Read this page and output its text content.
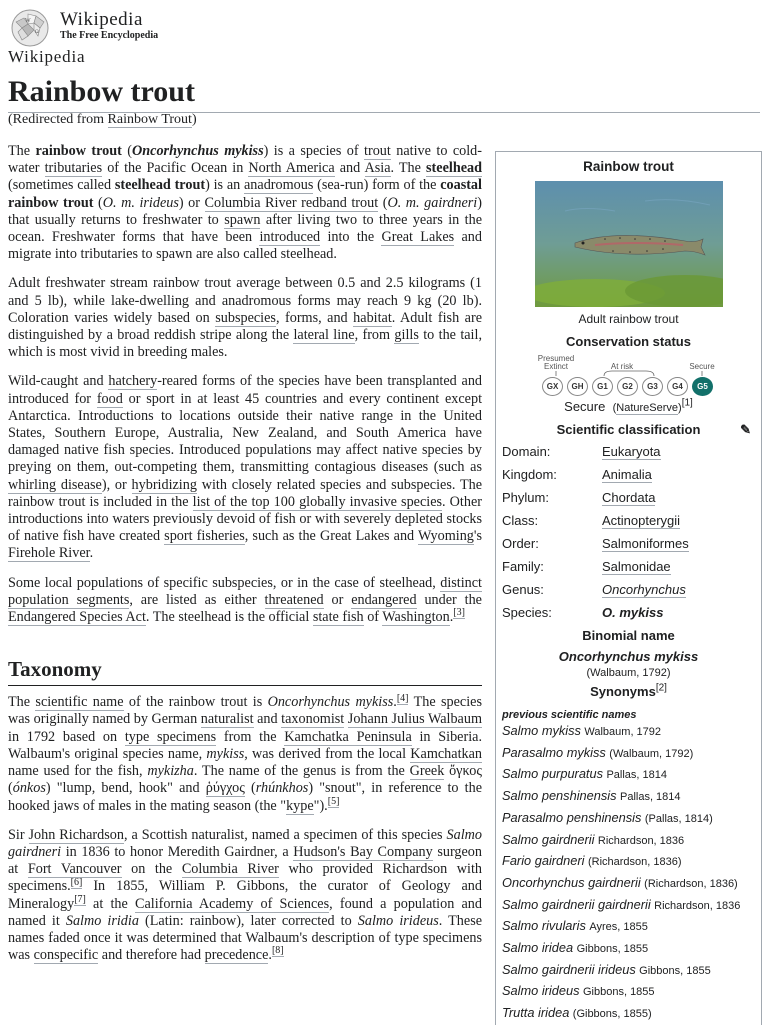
W
Ω
Wikipedia
The Free Encyclopedia
Wikipedia
Rainbow trout
(Redirected from Rainbow Trout)

The rainbow trout (Oncorhynchus mykiss) is a species of trout native to cold-water tributaries of the Pacific Ocean in North America and Asia. The steelhead (sometimes called steelhead trout) is an anadromous (sea-run) form of the coastal rainbow trout (O. m. irideus) or Columbia River redband trout (O. m. gairdneri) that usually returns to freshwater to spawn after living two to three years in the ocean. Freshwater forms that have been introduced into the Great Lakes and migrate into tributaries to spawn are also called steelhead.

Adult freshwater stream rainbow trout average between 0.5 and 2.5 kilograms (1 and 5 lb), while lake-dwelling and anadromous forms may reach 9 kg (20 lb). Coloration varies widely based on subspecies, forms, and habitat. Adult fish are distinguished by a broad reddish stripe along the lateral line, from gills to the tail, which is most vivid in breeding males.

Wild-caught and hatchery-reared forms of the species have been transplanted and introduced for food or sport in at least 45 countries and every continent except Antarctica. Introductions to locations outside their native range in the United States, Southern Europe, Australia, New Zealand, and South America have damaged native fish species. Introduced populations may affect native species by preying on them, out-competing them, transmitting contagious diseases (such as whirling disease), or hybridizing with closely related species and subspecies. The rainbow trout is included in the list of the top 100 globally invasive species. Other introductions into waters previously devoid of fish or with severely depleted stocks of native fish have created sport fisheries, such as the Great Lakes and Wyoming's Firehole River.

Some local populations of specific subspecies, or in the case of steelhead, distinct population segments, are listed as either threatened or endangered under the Endangered Species Act. The steelhead is the official state fish of Washington.[3]

Taxonomy

The scientific name of the rainbow trout is Oncorhynchus mykiss.[4] The species was originally named by German naturalist and taxonomist Johann Julius Walbaum in 1792 based on type specimens from the Kamchatka Peninsula in Siberia. Walbaum's original species name, mykiss, was derived from the local Kamchatkan name used for the fish, mykizha. The name of the genus is from the Greek ὄγκος (ónkos) "lump, bend, hook" and ῥύγχος (rhúnkhos) "snout", in reference to the hooked jaws of males in the mating season (the "kype").[5]

Sir John Richardson, a Scottish naturalist, named a specimen of this species Salmo gairdneri in 1836 to honor Meredith Gairdner, a Hudson's Bay Company surgeon at Fort Vancouver on the Columbia River who provided Richardson with specimens.[6] In 1855, William P. Gibbons, the curator of Geology and Mineralogy[7] at the California Academy of Sciences, found a population and named it Salmo iridia (Latin: rainbow), later corrected to Salmo irideus. These names faded once it was determined that Walbaum's description of type specimens was conspecific and therefore had precedence.[8]

Rainbow trout
Adult rainbow trout
Conservation status
Presumed
Extinct	At risk	Secure
GX	GH	G1	G2	G3	G4	G5
Secure (NatureServe)[1]
Scientific classification	✎
Domain:	Eukaryota
Kingdom:	Animalia
Phylum:	Chordata
Class:	Actinopterygii
Order:	Salmoniformes
Family:	Salmonidae
Genus:	Oncorhynchus
Species:	O. mykiss
Binomial name
Oncorhynchus mykiss
(Walbaum, 1792)
Synonyms[2]
previous scientific names
Salmo mykiss Walbaum, 1792
Parasalmo mykiss (Walbaum, 1792)
Salmo purpuratus Pallas, 1814
Salmo penshinensis Pallas, 1814
Parasalmo penshinensis (Pallas, 1814)
Salmo gairdnerii Richardson, 1836
Fario gairdneri (Richardson, 1836)
Oncorhynchus gairdnerii (Richardson, 1836)
Salmo gairdnerii gairdnerii Richardson, 1836
Salmo rivularis Ayres, 1855
Salmo iridea Gibbons, 1855
Salmo gairdnerii irideus Gibbons, 1855
Salmo irideus Gibbons, 1855
Trutta iridea (Gibbons, 1855)
